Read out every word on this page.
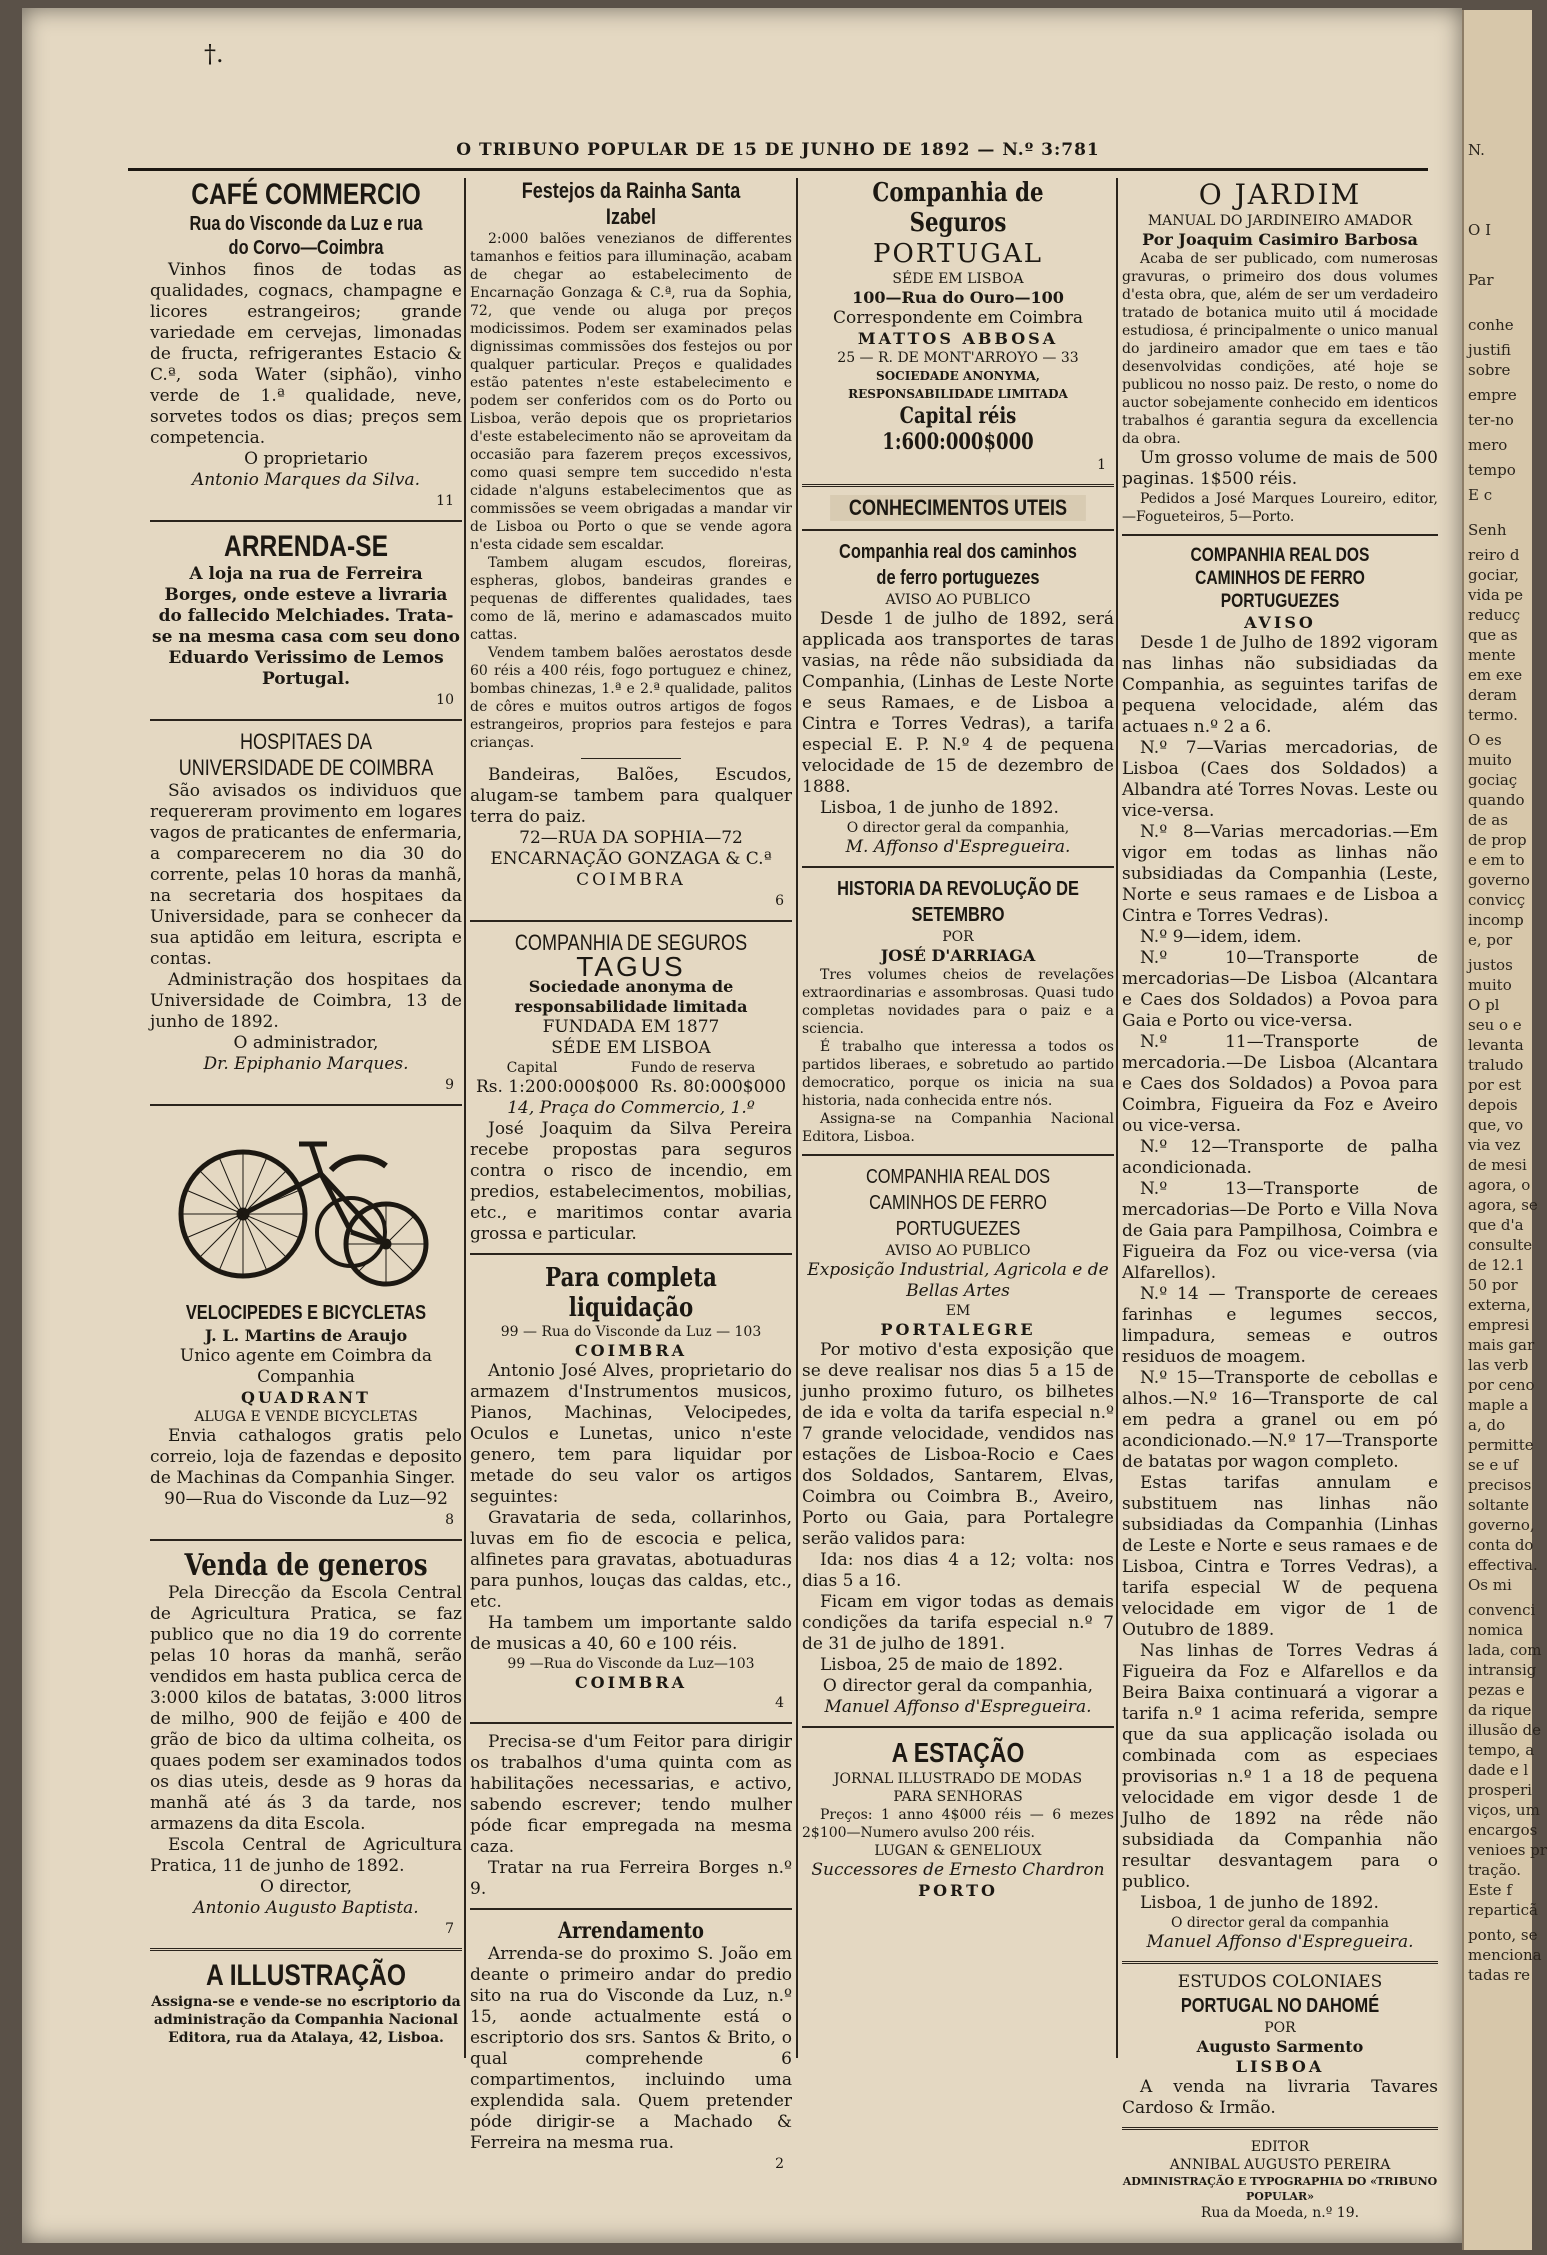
N.
O I
Par
conhe
justifi
sobre
empre
ter-no
mero
tempo
E c
Senh
reiro d
gociar,
vida pe
reducç
que as
mente
em exe
deram
termo.
O es
muito
gociaç
quando
de as
de prop
e em to
governo
convicç
incomp
e, por
justos
muito
O pl
seu o e
levanta
traludo
por est
depois
que, vo
via vez
de mesi
agora, o
agora, se
que d'a
consulte
de 12.1
50 por
externa,
empresi
mais gar
las verb
por ceno
maple a
a, do
permitte
se e uf
precisos
soltante
governo,
conta do
effectiva.
Os mi
convenci
nomica
lada, com
intransig
pezas e
da rique
illusão de
tempo, a
dade e l
prosperi
viços, um
encargos
venioes pr
tração.
Este f
reparticã
ponto, se
menciona
tadas re
†.
O TRIBUNO POPULAR DE 15 DE JUNHO DE 1892 — N.º 3:781
CAFÉ COMMERCIO
Rua do Visconde da Luz e rua do Corvo—Coimbra
Vinhos finos de todas as qualidades, cognacs, champagne e licores estrangeiros; grande variedade em cervejas, limonadas de fructa, refrigerantes Estacio & C.ª, soda Water (siphão), vinho verde de 1.ª qualidade, neve, sorvetes todos os dias; preços sem competencia.
O proprietario
Antonio Marques da Silva.
11
ARRENDA-SE
A loja na rua de Ferreira Borges, onde esteve a livraria do fallecido Melchiades. Trata-se na mesma casa com seu dono Eduardo Verissimo de Lemos Portugal.
10
HOSPITAES DA UNIVERSIDADE DE COIMBRA
São avisados os individuos que requereram provimento em logares vagos de praticantes de enfermaria, a comparecerem no dia 30 do corrente, pelas 10 horas da manhã, na secretaria dos hospitaes da Universidade, para se conhecer da sua aptidão em leitura, escripta e contas.
Administração dos hospitaes da Universidade de Coimbra, 13 de junho de 1892.
O administrador,
Dr. Epiphanio Marques.
9
VELOCIPEDES E BICYCLETAS
J. L. Martins de Araujo
Unico agente em Coimbra da Companhia
QUADRANT
ALUGA E VENDE BICYCLETAS
Envia cathalogos gratis pelo correio, loja de fazendas e deposito de Machinas da Companhia Singer.
90—Rua do Visconde da Luz—92
8
Venda de generos
Pela Direcção da Escola Central de Agricultura Pratica, se faz publico que no dia 19 do corrente pelas 10 horas da manhã, serão vendidos em hasta publica cerca de 3:000 kilos de batatas, 3:000 litros de milho, 900 de feijão e 400 de grão de bico da ultima colheita, os quaes podem ser examinados todos os dias uteis, desde as 9 horas da manhã até ás 3 da tarde, nos armazens da dita Escola.
Escola Central de Agricultura Pratica, 11 de junho de 1892.
O director,
Antonio Augusto Baptista.
7
A ILLUSTRAÇÃO
Assigna-se e vende-se no escriptorio da administração da Companhia Nacional Editora, rua da Atalaya, 42, Lisboa.
Festejos da Rainha Santa Izabel
2:000 balões venezianos de differentes tamanhos e feitios para illuminação, acabam de chegar ao estabelecimento de Encarnação Gonzaga & C.ª, rua da Sophia, 72, que vende ou aluga por preços modicissimos. Podem ser examinados pelas dignissimas commissões dos festejos ou por qualquer particular. Preços e qualidades estão patentes n'este estabelecimento e podem ser conferidos com os do Porto ou Lisboa, verão depois que os proprietarios d'este estabelecimento não se aproveitam da occasião para fazerem preços excessivos, como quasi sempre tem succedido n'esta cidade n'alguns estabelecimentos que as commissões se veem obrigadas a mandar vir de Lisboa ou Porto o que se vende agora n'esta cidade sem escaldar.
Tambem alugam escudos, floreiras, espheras, globos, bandeiras grandes e pequenas de differentes qualidades, taes como de lã, merino e adamascados muito cattas.
Vendem tambem balões aerostatos desde 60 réis a 400 réis, fogo portuguez e chinez, bombas chinezas, 1.ª e 2.ª qualidade, palitos de côres e muitos outros artigos de fogos estrangeiros, proprios para festejos e para crianças.
Bandeiras, Balões, Escudos, alugam-se tambem para qualquer terra do paiz.
72—RUA DA SOPHIA—72
ENCARNAÇÃO GONZAGA & C.ª
COIMBRA
6
COMPANHIA DE SEGUROS
TAGUS
Sociedade anonyma de responsabilidade limitada
FUNDADA EM 1877
SÉDE EM LISBOA
Capital	Fundo de reserva
Rs. 1:200:000$000 Rs. 80:000$000
14, Praça do Commercio, 1.º
José Joaquim da Silva Pereira recebe propostas para seguros contra o risco de incendio, em predios, estabelecimentos, mobilias, etc., e maritimos contar avaria grossa e particular.
Para completa liquidação
99 — Rua do Visconde da Luz — 103
COIMBRA
Antonio José Alves, proprietario do armazem d'Instrumentos musicos, Pianos, Machinas, Velocipedes, Oculos e Lunetas, unico n'este genero, tem para liquidar por metade do seu valor os artigos seguintes:
Gravataria de seda, collarinhos, luvas em fio de escocia e pelica, alfinetes para gravatas, abotuaduras para punhos, louças das caldas, etc., etc.
Ha tambem um importante saldo de musicas a 40, 60 e 100 réis.
99 —Rua do Visconde da Luz—103
COIMBRA
4
Precisa-se d'um Feitor para dirigir os trabalhos d'uma quinta com as habilitações necessarias, e activo, sabendo escrever; tendo mulher póde ficar empregada na mesma caza.
Tratar na rua Ferreira Borges n.º 9.
Arrendamento
Arrenda-se do proximo S. João em deante o primeiro andar do predio sito na rua do Visconde da Luz, n.º 15, aonde actualmente está o escriptorio dos srs. Santos & Brito, o qual comprehende 6 compartimentos, incluindo uma explendida sala. Quem pretender póde dirigir-se a Machado & Ferreira na mesma rua.
2
Companhia de Seguros
PORTUGAL
SÉDE EM LISBOA
100—Rua do Ouro—100
Correspondente em Coimbra
MATTOS ABBOSA
25 — R. DE MONT'ARROYO — 33
SOCIEDADE ANONYMA, RESPONSABILIDADE LIMITADA
Capital réis 1:600:000$000
1
CONHECIMENTOS UTEIS
Companhia real dos caminhos de ferro portuguezes
AVISO AO PUBLICO
Desde 1 de julho de 1892, será applicada aos transportes de taras vasias, na rêde não subsidiada da Companhia, (Linhas de Leste Norte e seus Ramaes, e de Lisboa a Cintra e Torres Vedras), a tarifa especial E. P. N.º 4 de pequena velocidade de 15 de dezembro de 1888.
Lisboa, 1 de junho de 1892.
O director geral da companhia,
M. Affonso d'Espregueira.
HISTORIA DA REVOLUÇÃO DE SETEMBRO
POR
JOSÉ D'ARRIAGA
Tres volumes cheios de revelações extraordinarias e assombrosas. Quasi tudo completas novidades para o paiz e a sciencia.
É trabalho que interessa a todos os partidos liberaes, e sobretudo ao partido democratico, porque os inicia na sua historia, nada conhecida entre nós.
Assigna-se na Companhia Nacional Editora, Lisboa.
COMPANHIA REAL DOS CAMINHOS DE FERRO PORTUGUEZES
AVISO AO PUBLICO
Exposição Industrial, Agricola e de Bellas Artes
EM
PORTALEGRE
Por motivo d'esta exposição que se deve realisar nos dias 5 a 15 de junho proximo futuro, os bilhetes de ida e volta da tarifa especial n.º 7 grande velocidade, vendidos nas estações de Lisboa-Rocio e Caes dos Soldados, Santarem, Elvas, Coimbra ou Coimbra B., Aveiro, Porto ou Gaia, para Portalegre serão validos para:
Ida: nos dias 4 a 12; volta: nos dias 5 a 16.
Ficam em vigor todas as demais condições da tarifa especial n.º 7 de 31 de julho de 1891.
Lisboa, 25 de maio de 1892.
O director geral da companhia,
Manuel Affonso d'Espregueira.
A ESTAÇÃO
JORNAL ILLUSTRADO DE MODAS
PARA SENHORAS
Preços: 1 anno 4$000 réis — 6 mezes 2$100—Numero avulso 200 réis.
LUGAN & GENELIOUX
Successores de Ernesto Chardron
PORTO
O JARDIM
MANUAL DO JARDINEIRO AMADOR
Por Joaquim Casimiro Barbosa
Acaba de ser publicado, com numerosas gravuras, o primeiro dos dous volumes d'esta obra, que, além de ser um verdadeiro tratado de botanica muito util á mocidade estudiosa, é principalmente o unico manual do jardineiro amador que em taes e tão desenvolvidas condições, até hoje se publicou no nosso paiz. De resto, o nome do auctor sobejamente conhecido em identicos trabalhos é garantia segura da excellencia da obra.
Um grosso volume de mais de 500 paginas. 1$500 réis.
Pedidos a José Marques Loureiro, editor,—Fogueteiros, 5—Porto.
COMPANHIA REAL DOS CAMINHOS DE FERRO PORTUGUEZES
AVISO
Desde 1 de Julho de 1892 vigoram nas linhas não subsidiadas da Companhia, as seguintes tarifas de pequena velocidade, além das actuaes n.º 2 a 6.
N.º 7—Varias mercadorias, de Lisboa (Caes dos Soldados) a Albandra até Torres Novas. Leste ou vice-versa.
N.º 8—Varias mercadorias.—Em vigor em todas as linhas não subsidiadas da Companhia (Leste, Norte e seus ramaes e de Lisboa a Cintra e Torres Vedras).
N.º 9—idem, idem.
N.º 10—Transporte de mercadorias—De Lisboa (Alcantara e Caes dos Soldados) a Povoa para Gaia e Porto ou vice-versa.
N.º 11—Transporte de mercadoria.—De Lisboa (Alcantara e Caes dos Soldados) a Povoa para Coimbra, Figueira da Foz e Aveiro ou vice-versa.
N.º 12—Transporte de palha acondicionada.
N.º 13—Transporte de mercadorias—De Porto e Villa Nova de Gaia para Pampilhosa, Coimbra e Figueira da Foz ou vice-versa (via Alfarellos).
N.º 14 — Transporte de cereaes farinhas e legumes seccos, limpadura, semeas e outros residuos de moagem.
N.º 15—Transporte de cebollas e alhos.—N.º 16—Transporte de cal em pedra a granel ou em pó acondicionado.—N.º 17—Transporte de batatas por wagon completo.
Estas tarifas annulam e substituem nas linhas não subsidiadas da Companhia (Linhas de Leste e Norte e seus ramaes e de Lisboa, Cintra e Torres Vedras), a tarifa especial W de pequena velocidade em vigor de 1 de Outubro de 1889.
Nas linhas de Torres Vedras á Figueira da Foz e Alfarellos e da Beira Baixa continuará a vigorar a tarifa n.º 1 acima referida, sempre que da sua applicação isolada ou combinada com as especiaes provisorias n.º 1 a 18 de pequena velocidade em vigor desde 1 de Julho de 1892 na rêde não subsidiada da Companhia não resultar desvantagem para o publico.
Lisboa, 1 de junho de 1892.
O director geral da companhia
Manuel Affonso d'Espregueira.
ESTUDOS COLONIAES
PORTUGAL NO DAHOMÉ
POR
Augusto Sarmento
LISBOA
A venda na livraria Tavares Cardoso & Irmão.
EDITOR
ANNIBAL AUGUSTO PEREIRA
ADMINISTRAÇÃO E TYPOGRAPHIA DO «TRIBUNO POPULAR»
Rua da Moeda, n.º 19.
